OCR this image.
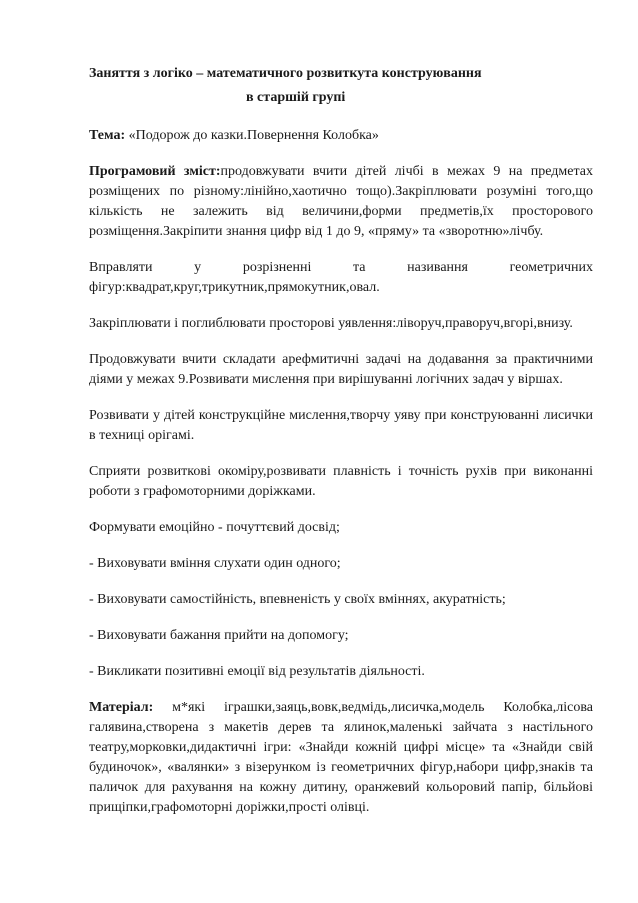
Заняття з логіко – математичного розвиткута конструювання

в старшій групі

Тема: «Подорож до казки.Повернення Колобка»

Програмовий зміст:продовжувати вчити дітей лічбі в межах 9 на предметах розміщених по різному:лінійно,хаотично тощо).Закріплювати розуміні того,що кількість не залежить від величини,форми предметів,їх просторового розміщення.Закріпити знання цифр від 1 до 9, «пряму» та «зворотню»лічбу.

Вправляти у розрізненні та називання геометричних фігур:квадрат,круг,трикутник,прямокутник,овал.

Закріплювати і поглиблювати просторові уявлення:ліворуч,праворуч,вгорі,внизу.

Продовжувати вчити складати арефмитичні задачі на додавання за практичними діями у межах 9.Розвивати мислення при вирішуванні логічних задач у віршах.

Розвивати у дітей конструкційне мислення,творчу уяву при конструюванні лисички в техниці орігамі.

Сприяти розвиткові окоміру,розвивати плавність і точність рухів при виконанні роботи з графомоторними доріжками.

Формувати емоційно - почуттєвий досвід;

- Виховувати вміння слухати один одного;

- Виховувати самостійність, впевненість у своїх вміннях, акуратність;

- Виховувати бажання прийти на допомогу;

- Викликати позитивні емоції від результатів діяльності.

Матеріал: м*які іграшки,заяць,вовк,ведмідь,лисичка,модель Колобка,лісова галявина,створена з макетів дерев та ялинок,маленькі зайчата з настільного театру,морковки,дидактичні ігри: «Знайди кожній цифрі місце» та «Знайди свій будиночок», «валянки» з візерунком із геометричних фігур,набори цифр,знаків та паличок для рахування на кожну дитину, оранжевий кольоровий папір, більйові прищіпки,графомоторні доріжки,прості олівці.
